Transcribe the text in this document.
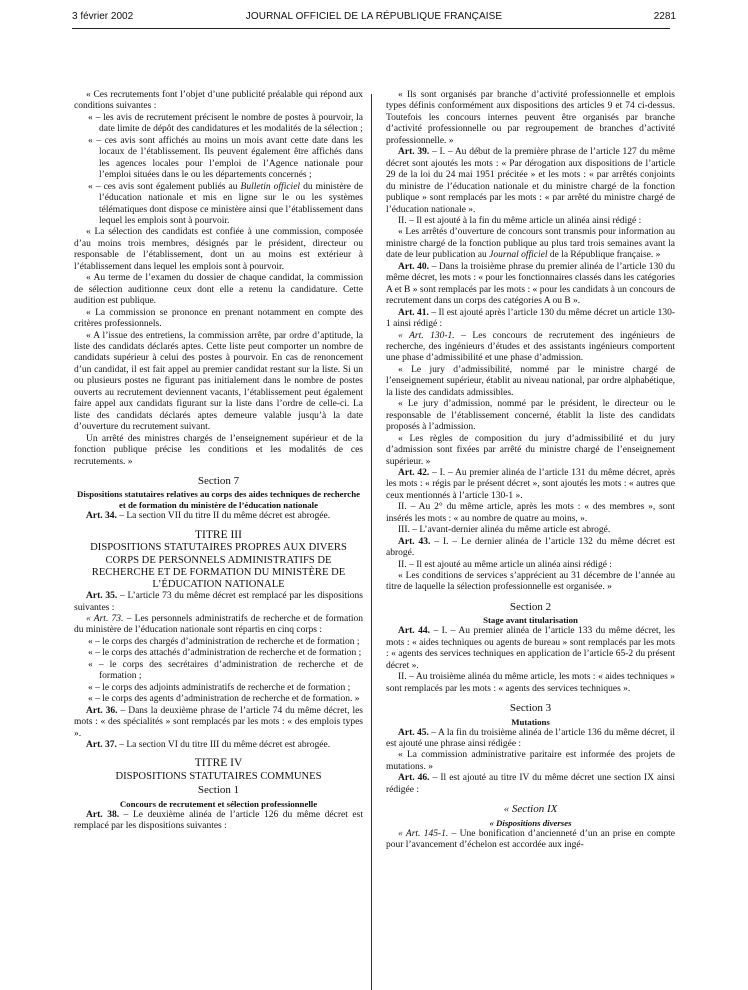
3 février 2002	JOURNAL OFFICIEL DE LA RÉPUBLIQUE FRANÇAISE	2281

« Ces recrutements font l’objet d’une publicité préalable qui répond aux conditions suivantes :

« – les avis de recrutement précisent le nombre de postes à pourvoir, la date limite de dépôt des candidatures et les modalités de la sélection ;

« – ces avis sont affichés au moins un mois avant cette date dans les locaux de l’établissement. Ils peuvent également être affichés dans les agences locales pour l’emploi de l’Agence nationale pour l’emploi situées dans le ou les départements concernés ;

« – ces avis sont également publiés au Bulletin officiel du ministère de l’éducation nationale et mis en ligne sur le ou les systèmes télématiques dont dispose ce ministère ainsi que l’établissement dans lequel les emplois sont à pourvoir.

« La sélection des candidats est confiée à une commission, composée d’au moins trois membres, désignés par le président, directeur ou responsable de l’établissement, dont un au moins est extérieur à l’établissement dans lequel les emplois sont à pourvoir.

« Au terme de l’examen du dossier de chaque candidat, la commission de sélection auditionne ceux dont elle a retenu la candidature. Cette audition est publique.

« La commission se prononce en prenant notamment en compte des critères professionnels.

« A l’issue des entretiens, la commission arrête, par ordre d’aptitude, la liste des candidats déclarés aptes. Cette liste peut comporter un nombre de candidats supérieur à celui des postes à pourvoir. En cas de renoncement d’un candidat, il est fait appel au premier candidat restant sur la liste. Si un ou plusieurs postes ne figurant pas initialement dans le nombre de postes ouverts au recrutement deviennent vacants, l’établissement peut également faire appel aux candidats figurant sur la liste dans l’ordre de celle-ci. La liste des candidats déclarés aptes demeure valable jusqu’à la date d’ouverture du recrutement suivant.

Un arrêté des ministres chargés de l’enseignement supérieur et de la fonction publique précise les conditions et les modalités de ces recrutements. »

Section 7
Dispositions statutaires relatives au corps des aides techniques de recherche et de formation du ministère de l’éducation nationale

Art. 34. – La section VII du titre II du même décret est abrogée.

TITRE III
DISPOSITIONS STATUTAIRES PROPRES AUX DIVERS CORPS DE PERSONNELS ADMINISTRATIFS DE RECHERCHE ET DE FORMATION DU MINISTÈRE DE L’ÉDUCATION NATIONALE

Art. 35. – L’article 73 du même décret est remplacé par les dispositions suivantes :

« Art. 73. – Les personnels administratifs de recherche et de formation du ministère de l’éducation nationale sont répartis en cinq corps :

« – le corps des chargés d’administration de recherche et de formation ;

« – le corps des attachés d’administration de recherche et de formation ;

« – le corps des secrétaires d’administration de recherche et de formation ;

« – le corps des adjoints administratifs de recherche et de formation ;

« – le corps des agents d’administration de recherche et de formation. »

Art. 36. – Dans la deuxième phrase de l’article 74 du même décret, les mots : « des spécialités » sont remplacés par les mots : « des emplois types ».

Art. 37. – La section VI du titre III du même décret est abrogée.

TITRE IV
DISPOSITIONS STATUTAIRES COMMUNES
Section 1
Concours de recrutement et sélection professionnelle

Art. 38. – Le deuxième alinéa de l’article 126 du même décret est remplacé par les dispositions suivantes :

« Ils sont organisés par branche d’activité professionnelle et emplois types définis conformément aux dispositions des articles 9 et 74 ci-dessus. Toutefois les concours internes peuvent être organisés par branche d’activité professionnelle ou par regroupement de branches d’activité professionnelle. »

Art. 39. – I. – Au début de la première phrase de l’article 127 du même décret sont ajoutés les mots : « Par dérogation aux dispositions de l’article 29 de la loi du 24 mai 1951 précitée » et les mots : « par arrêtés conjoints du ministre de l’éducation nationale et du ministre chargé de la fonction publique » sont remplacés par les mots : « par arrêté du ministre chargé de l’éducation nationale ».

II. – Il est ajouté à la fin du même article un alinéa ainsi rédigé :

« Les arrêtés d’ouverture de concours sont transmis pour information au ministre chargé de la fonction publique au plus tard trois semaines avant la date de leur publication au Journal officiel de la République française. »

Art. 40. – Dans la troisième phrase du premier alinéa de l’article 130 du même décret, les mots : « pour les fonctionnaires classés dans les catégories A et B » sont remplacés par les mots : « pour les candidats à un concours de recrutement dans un corps des catégories A ou B ».

Art. 41. – Il est ajouté après l’article 130 du même décret un article 130-1 ainsi rédigé :

« Art. 130-1. – Les concours de recrutement des ingénieurs de recherche, des ingénieurs d’études et des assistants ingénieurs comportent une phase d’admissibilité et une phase d’admission.

« Le jury d’admissibilité, nommé par le ministre chargé de l’enseignement supérieur, établit au niveau national, par ordre alphabétique, la liste des candidats admissibles.

« Le jury d’admission, nommé par le président, le directeur ou le responsable de l’établissement concerné, établit la liste des candidats proposés à l’admission.

« Les règles de composition du jury d’admissibilité et du jury d’admission sont fixées par arrêté du ministre chargé de l’enseignement supérieur. »

Art. 42. – I. – Au premier alinéa de l’article 131 du même décret, après les mots : « régis par le présent décret », sont ajoutés les mots : « autres que ceux mentionnés à l’article 130-1 ».

II. – Au 2° du même article, après les mots : « des membres », sont insérés les mots : « au nombre de quatre au moins, ».

III. – L’avant-dernier alinéa du même article est abrogé.

Art. 43. – I. – Le dernier alinéa de l’article 132 du même décret est abrogé.

II. – Il est ajouté au même article un alinéa ainsi rédigé :

« Les conditions de services s’apprécient au 31 décembre de l’année au titre de laquelle la sélection professionnelle est organisée. »

Section 2
Stage avant titularisation

Art. 44. – I. – Au premier alinéa de l’article 133 du même décret, les mots : « aides techniques ou agents de bureau » sont remplacés par les mots : « agents des services techniques en application de l’article 65-2 du présent décret ».

II. – Au troisième alinéa du même article, les mots : « aides techniques » sont remplacés par les mots : « agents des services techniques ».

Section 3
Mutations

Art. 45. – A la fin du troisième alinéa de l’article 136 du même décret, il est ajouté une phrase ainsi rédigée :

« La commission administrative paritaire est informée des projets de mutations. »

Art. 46. – Il est ajouté au titre IV du même décret une section IX ainsi rédigée :

« Section IX
« Dispositions diverses

« Art. 145-1. – Une bonification d’ancienneté d’un an prise en compte pour l’avancement d’échelon est accordée aux ingé-
